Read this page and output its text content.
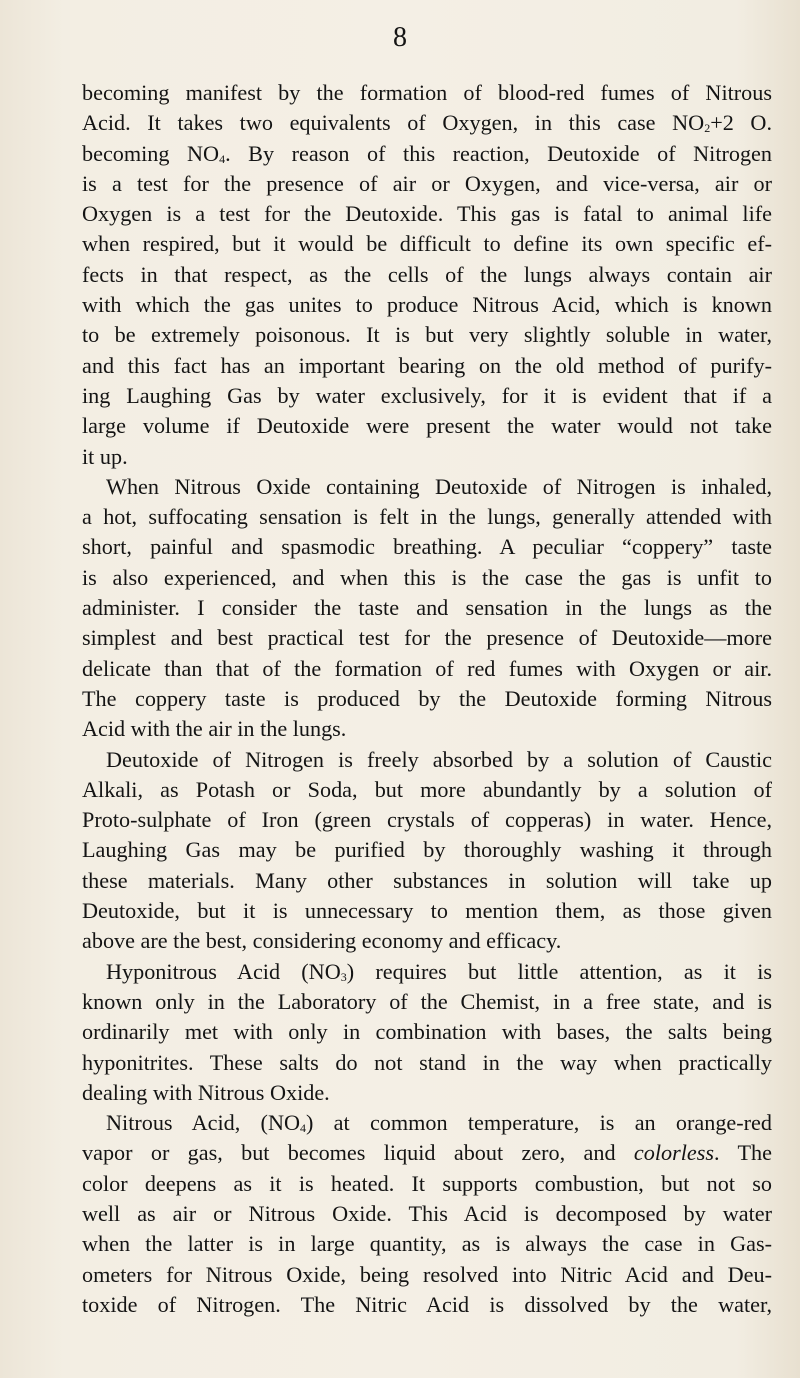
8
becoming manifest by the formation of blood-red fumes of Nitrous
Acid. It takes two equivalents of Oxygen, in this case $NO_2+2$ O.
becoming $NO_4$. By reason of this reaction, Deutoxide of Nitrogen
is a test for the presence of air or Oxygen, and vice-versa, air or
Oxygen is a test for the Deutoxide. This gas is fatal to animal life
when respired, but it would be difficult to define its own specific ef-
fects in that respect, as the cells of the lungs always contain air
with which the gas unites to produce Nitrous Acid, which is known
to be extremely poisonous. It is but very slightly soluble in water,
and this fact has an important bearing on the old method of purify-
ing Laughing Gas by water exclusively, for it is evident that if a
large volume if Deutoxide were present the water would not take
it up.
When Nitrous Oxide containing Deutoxide of Nitrogen is inhaled,
a hot, suffocating sensation is felt in the lungs, generally attended with
short, painful and spasmodic breathing. A peculiar “coppery” taste
is also experienced, and when this is the case the gas is unfit to
administer. I consider the taste and sensation in the lungs as the
simplest and best practical test for the presence of Deutoxide—more
delicate than that of the formation of red fumes with Oxygen or air.
The coppery taste is produced by the Deutoxide forming Nitrous
Acid with the air in the lungs.
Deutoxide of Nitrogen is freely absorbed by a solution of Caustic
Alkali, as Potash or Soda, but more abundantly by a solution of
Proto-sulphate of Iron (green crystals of copperas) in water. Hence,
Laughing Gas may be purified by thoroughly washing it through
these materials. Many other substances in solution will take up
Deutoxide, but it is unnecessary to mention them, as those given
above are the best, considering economy and efficacy.
Hyponitrous Acid $(NO_3)$ requires but little attention, as it is
known only in the Laboratory of the Chemist, in a free state, and is
ordinarily met with only in combination with bases, the salts being
hyponitrites. These salts do not stand in the way when practically
dealing with Nitrous Oxide.
Nitrous Acid, $(NO_4)$ at common temperature, is an orange-red
vapor or gas, but becomes liquid about zero, and colorless. The
color deepens as it is heated. It supports combustion, but not so
well as air or Nitrous Oxide. This Acid is decomposed by water
when the latter is in large quantity, as is always the case in Gas-
ometers for Nitrous Oxide, being resolved into Nitric Acid and Deu-
toxide of Nitrogen. The Nitric Acid is dissolved by the water,
